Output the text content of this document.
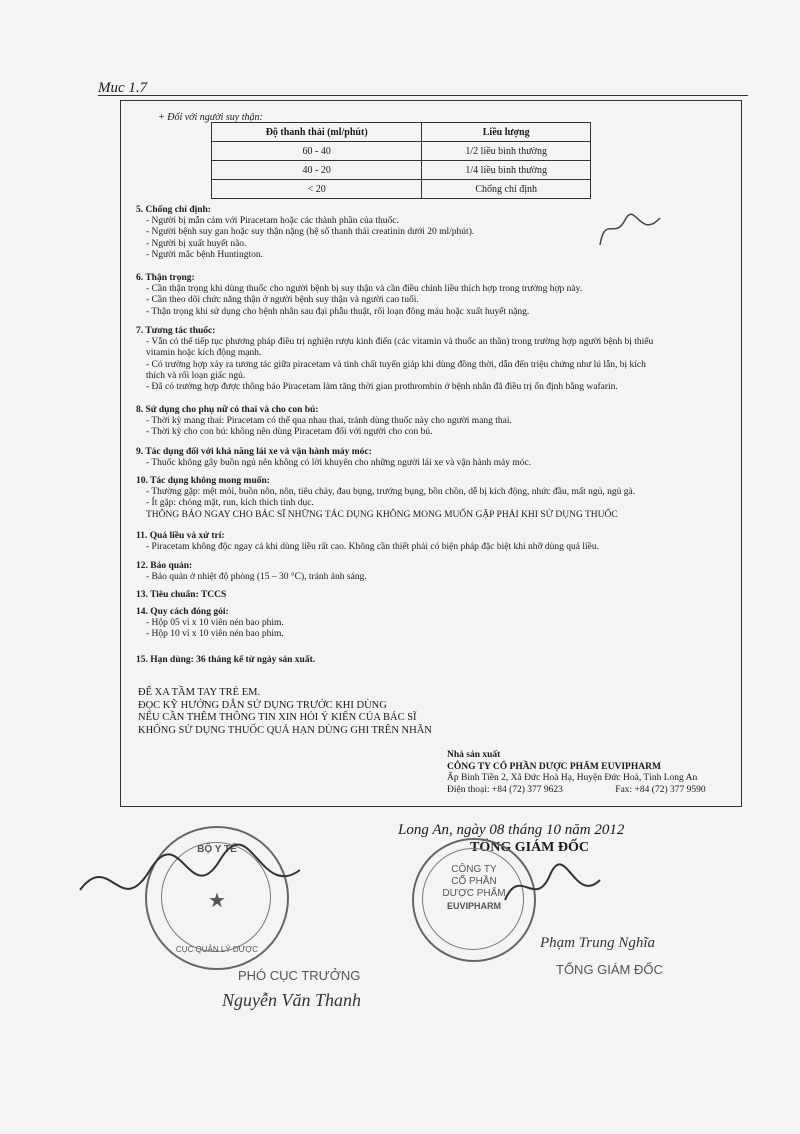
Muc 1.7
+ Đối với người suy thận:
Độ thanh thải (ml/phút)	Liều lượng
60 - 40	1/2 liều bình thường
40 - 20	1/4 liều bình thường
< 20	Chống chỉ định
5. Chống chỉ định:
- Người bị mẫn cảm với Piracetam hoặc các thành phần của thuốc.
- Người bệnh suy gan hoặc suy thận nặng (hệ số thanh thải creatinin dưới 20 ml/phút).
- Người bị xuất huyết não.
- Người mắc bệnh Huntington.
6. Thận trọng:
- Cần thận trọng khi dùng thuốc cho người bệnh bị suy thận và cần điều chỉnh liều thích hợp trong trường hợp này.
- Cần theo dõi chức năng thận ở người bệnh suy thận và người cao tuổi.
- Thận trọng khi sử dụng cho bệnh nhân sau đại phẫu thuật, rối loạn đông máu hoặc xuất huyết nặng.
7. Tương tác thuốc:
- Vẫn có thể tiếp tục phương pháp điều trị nghiện rượu kinh điển (các vitamin và thuốc an thần) trong trường hợp người bệnh bị thiếu
vitamin hoặc kích động mạnh.
- Có trường hợp xảy ra tương tác giữa piracetam và tinh chất tuyến giáp khi dùng đồng thời, dẫn đến triệu chứng như lú lẫn, bị kích
thích và rối loạn giấc ngủ.
- Đã có trường hợp được thông báo Piracetam làm tăng thời gian prothrombin ở bệnh nhân đã điều trị ổn định bằng wafarin.
8. Sử dụng cho phụ nữ có thai và cho con bú:
- Thời kỳ mang thai: Piracetam có thể qua nhau thai, tránh dùng thuốc này cho người mang thai.
- Thời kỳ cho con bú: không nên dùng Piracetam đối với người cho con bú.
9. Tác dụng đối với khả năng lái xe và vận hành máy móc:
- Thuốc không gây buồn ngủ nên không có lời khuyên cho những người lái xe và vận hành máy móc.
10. Tác dụng không mong muốn:
- Thường gặp: mệt mỏi, buồn nôn, nôn, tiêu chảy, đau bụng, trướng bụng, bồn chồn, dễ bị kích động, nhức đầu, mất ngủ, ngủ gà.
- Ít gặp: chóng mặt, run, kích thích tình dục.
THÔNG BÁO NGAY CHO BÁC SĨ NHỮNG TÁC DỤNG KHÔNG MONG MUỐN GẶP PHẢI KHI SỬ DỤNG THUỐC
11. Quá liều và xử trí:
- Piracetam không độc ngay cả khi dùng liều rất cao. Không cần thiết phải có biện pháp đặc biệt khi nhỡ dùng quá liều.
12. Bảo quản:
- Bảo quản ở nhiệt độ phòng (15 – 30 °C), tránh ánh sáng.
13. Tiêu chuẩn: TCCS
14. Quy cách đóng gói:
- Hộp 05 vỉ x 10 viên nén bao phim.
- Hộp 10 vỉ x 10 viên nén bao phim.
15. Hạn dùng: 36 tháng kể từ ngày sản xuất.
ĐỂ XA TẦM TAY TRẺ EM.
ĐỌC KỸ HƯỚNG DẪN SỬ DỤNG TRƯỚC KHI DÙNG
NẾU CẦN THÊM THÔNG TIN XIN HỎI Ý KIẾN CỦA BÁC SĨ
KHÔNG SỬ DỤNG THUỐC QUÁ HẠN DÙNG GHI TRÊN NHÃN
Nhà sản xuất
CÔNG TY CỔ PHẦN DƯỢC PHẨM EUVIPHARM
Ấp Bình Tiền 2, Xã Đức Hoà Hạ, Huyện Đức Hoà, Tỉnh Long An
Điện thoại: +84 (72) 377 9623	Fax: +84 (72) 377 9590
Long An, ngày 08 tháng 10 năm 2012
TỔNG GIÁM ĐỐC
CÔNG TY
CỔ PHẦN
DƯỢC PHẨM
EUVIPHARM
BỘ Y TẾ
★
CỤC QUẢN LÝ DƯỢC	Phạm Trung Nghĩa
TỔNG GIÁM ĐỐC
PHÓ CỤC TRƯỞNG
Nguyễn Văn Thanh
